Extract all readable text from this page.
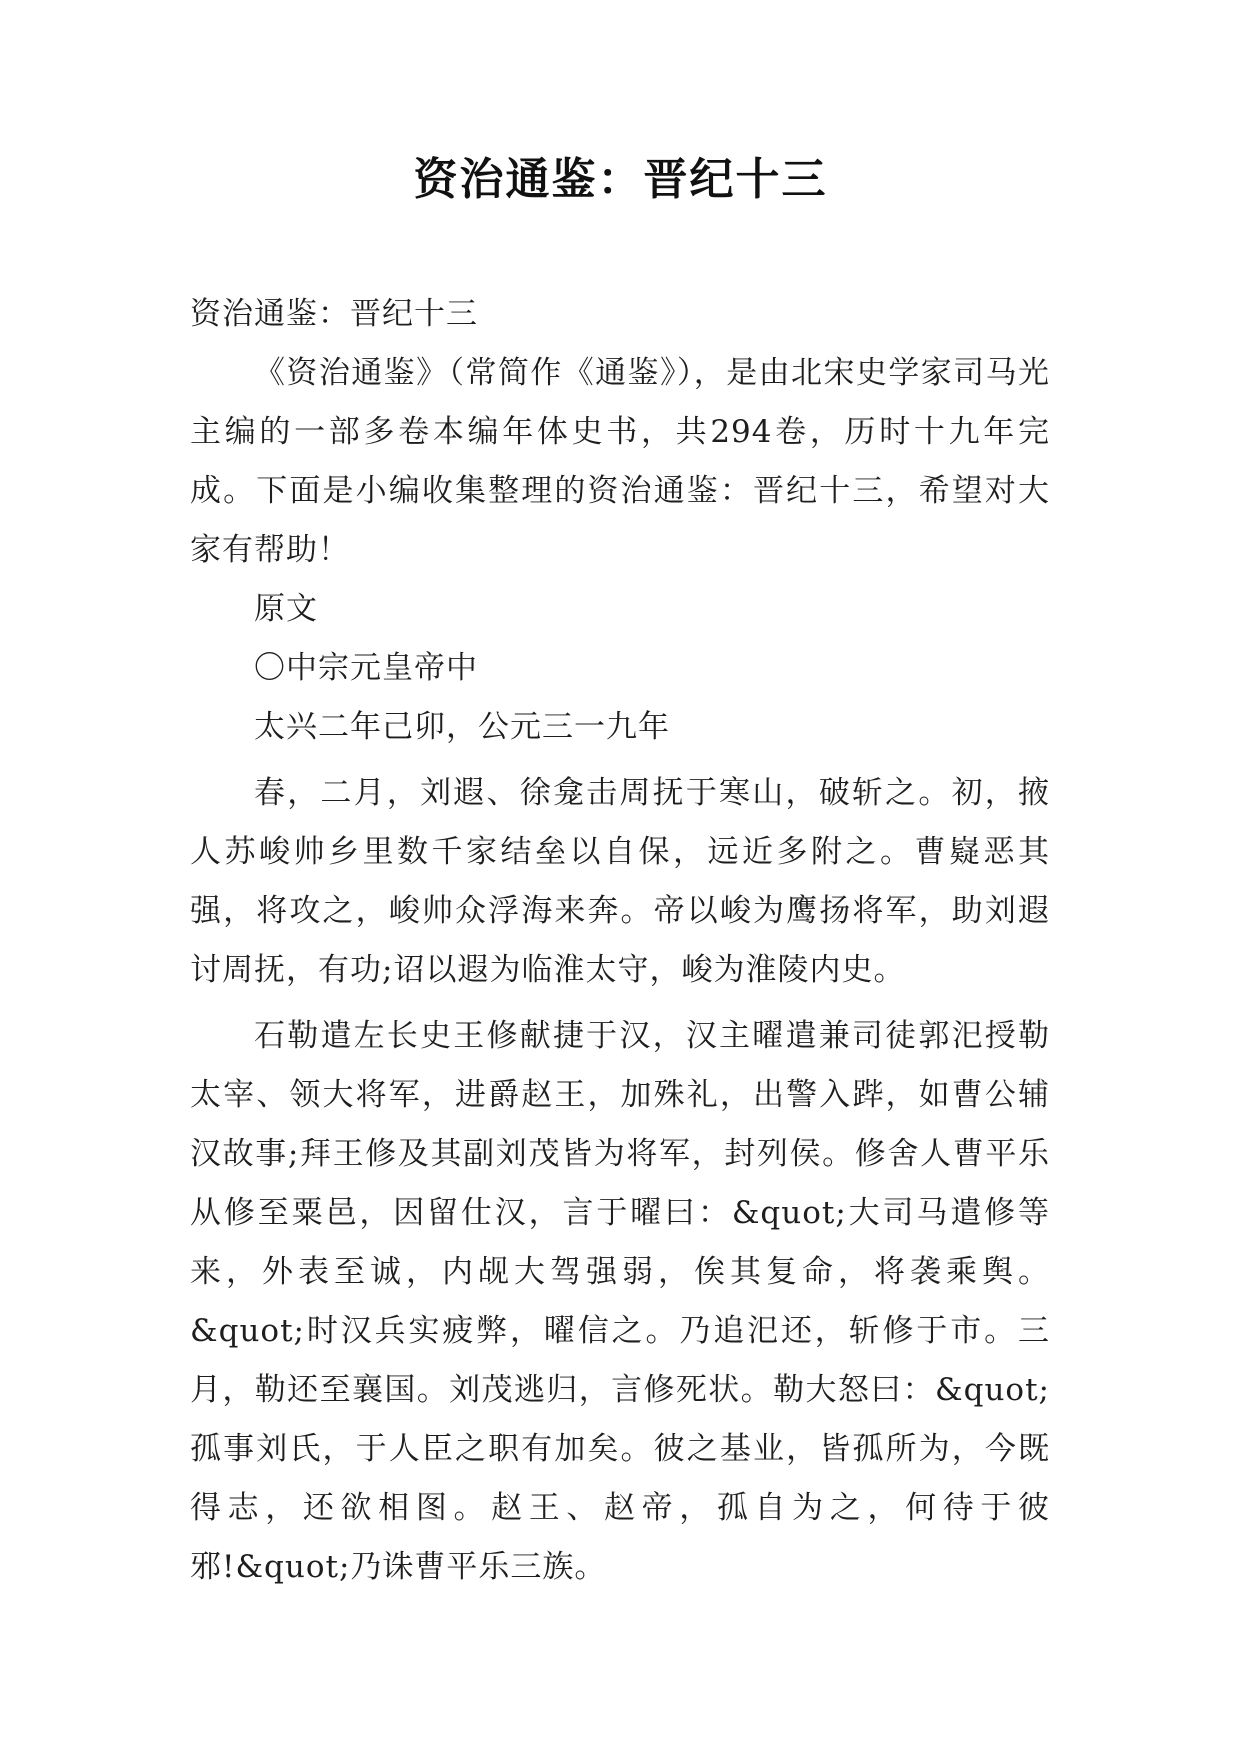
资治通鉴：晋纪十三

资治通鉴：晋纪十三

《资治通鉴》（常简作《通鉴》），是由北宋史学家司马光主编的一部多卷本编年体史书，共294卷，历时十九年完成。下面是小编收集整理的资治通鉴：晋纪十三，希望对大家有帮助！

原文

〇中宗元皇帝中

太兴二年己卯，公元三一九年

春，二月，刘遐、徐龛击周抚于寒山，破斩之。初，掖人苏峻帅乡里数千家结垒以自保，远近多附之。曹嶷恶其强，将攻之，峻帅众浮海来奔。帝以峻为鹰扬将军，助刘遐讨周抚，有功;诏以遐为临淮太守，峻为淮陵内史。

石勒遣左长史王修献捷于汉，汉主曜遣兼司徒郭汜授勒太宰、领大将军，进爵赵王，加殊礼，出警入跸，如曹公辅汉故事;拜王修及其副刘茂皆为将军，封列侯。修舍人曹平乐从修至粟邑，因留仕汉，言于曜曰：&quot;大司马遣修等来，外表至诚，内觇大驾强弱，俟其复命，将袭乘舆。&quot;时汉兵实疲弊，曜信之。乃追汜还，斩修于市。三月，勒还至襄国。刘茂逃归，言修死状。勒大怒曰：&quot;孤事刘氏，于人臣之职有加矣。彼之基业，皆孤所为，今既得志，还欲相图。赵王、赵帝，孤自为之，何待于彼邪!&quot;乃诛曹平乐三族。
